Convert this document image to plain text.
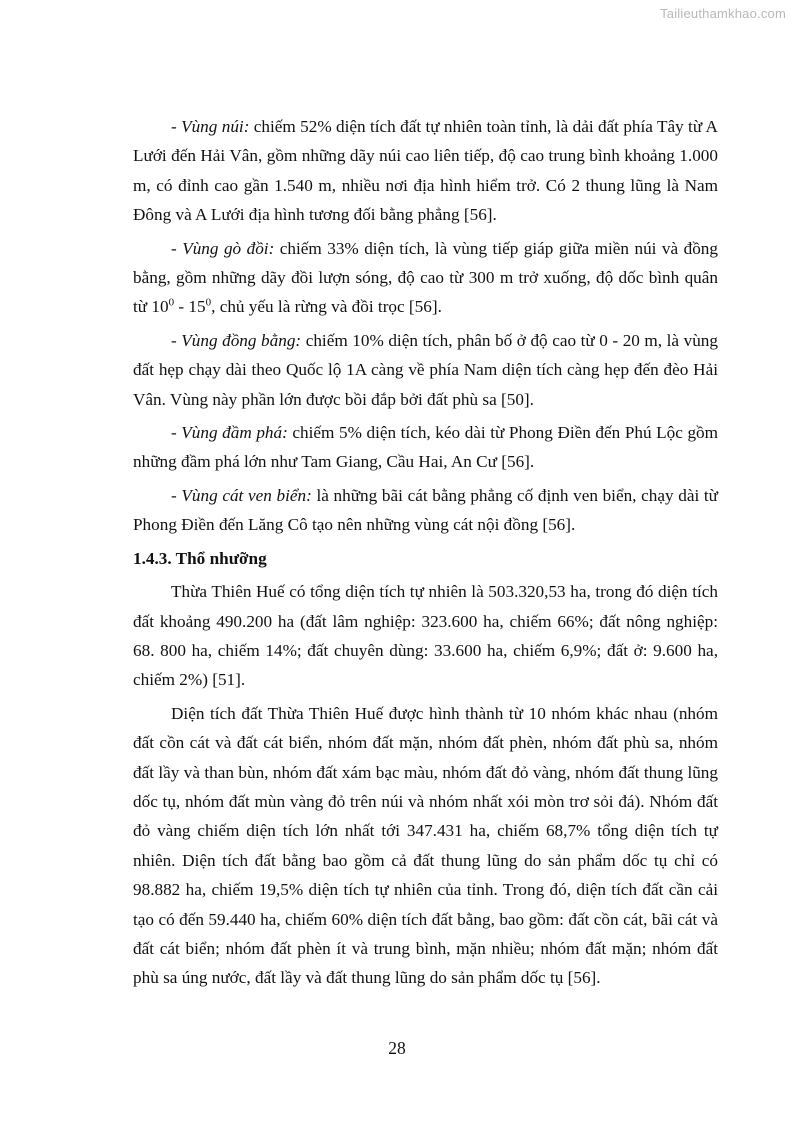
Tailieuthamkhao.com

- Vùng núi: chiếm 52% diện tích đất tự nhiên toàn tỉnh, là dải đất phía Tây từ A Lưới đến Hải Vân, gồm những dãy núi cao liên tiếp, độ cao trung bình khoảng 1.000 m, có đỉnh cao gần 1.540 m, nhiều nơi địa hình hiểm trở. Có 2 thung lũng là Nam Đông và A Lưới địa hình tương đối bằng phẳng [56].

- Vùng gò đồi: chiếm 33% diện tích, là vùng tiếp giáp giữa miền núi và đồng bằng, gồm những dãy đồi lượn sóng, độ cao từ 300 m trở xuống, độ dốc bình quân từ $10^0 - 15^0$, chủ yếu là rừng và đồi trọc [56].

- Vùng đồng bằng: chiếm 10% diện tích, phân bố ở độ cao từ 0 - 20 m, là vùng đất hẹp chạy dài theo Quốc lộ 1A càng về phía Nam diện tích càng hẹp đến đèo Hải Vân. Vùng này phần lớn được bồi đắp bởi đất phù sa [50].

- Vùng đầm phá: chiếm 5% diện tích, kéo dài từ Phong Điền đến Phú Lộc gồm những đầm phá lớn như Tam Giang, Cầu Hai, An Cư [56].

- Vùng cát ven biển: là những bãi cát bằng phẳng cố định ven biển, chạy dài từ Phong Điền đến Lăng Cô tạo nên những vùng cát nội đồng [56].

1.4.3. Thổ nhưỡng

Thừa Thiên Huế có tổng diện tích tự nhiên là 503.320,53 ha, trong đó diện tích đất khoảng 490.200 ha (đất lâm nghiệp: 323.600 ha, chiếm 66%; đất nông nghiệp: 68. 800 ha, chiếm 14%; đất chuyên dùng: 33.600 ha, chiếm 6,9%; đất ở: 9.600 ha, chiếm 2%) [51].

Diện tích đất Thừa Thiên Huế được hình thành từ 10 nhóm khác nhau (nhóm đất cồn cát và đất cát biển, nhóm đất mặn, nhóm đất phèn, nhóm đất phù sa, nhóm đất lầy và than bùn, nhóm đất xám bạc màu, nhóm đất đỏ vàng, nhóm đất thung lũng dốc tụ, nhóm đất mùn vàng đỏ trên núi và nhóm nhất xói mòn trơ sỏi đá). Nhóm đất đỏ vàng chiếm diện tích lớn nhất tới 347.431 ha, chiếm 68,7% tổng diện tích tự nhiên. Diện tích đất bằng bao gồm cả đất thung lũng do sản phẩm dốc tụ chỉ có 98.882 ha, chiếm 19,5% diện tích tự nhiên của tỉnh. Trong đó, diện tích đất cần cải tạo có đến 59.440 ha, chiếm 60% diện tích đất bằng, bao gồm: đất cồn cát, bãi cát và đất cát biển; nhóm đất phèn ít và trung bình, mặn nhiều; nhóm đất mặn; nhóm đất phù sa úng nước, đất lầy và đất thung lũng do sản phẩm dốc tụ [56].

28
